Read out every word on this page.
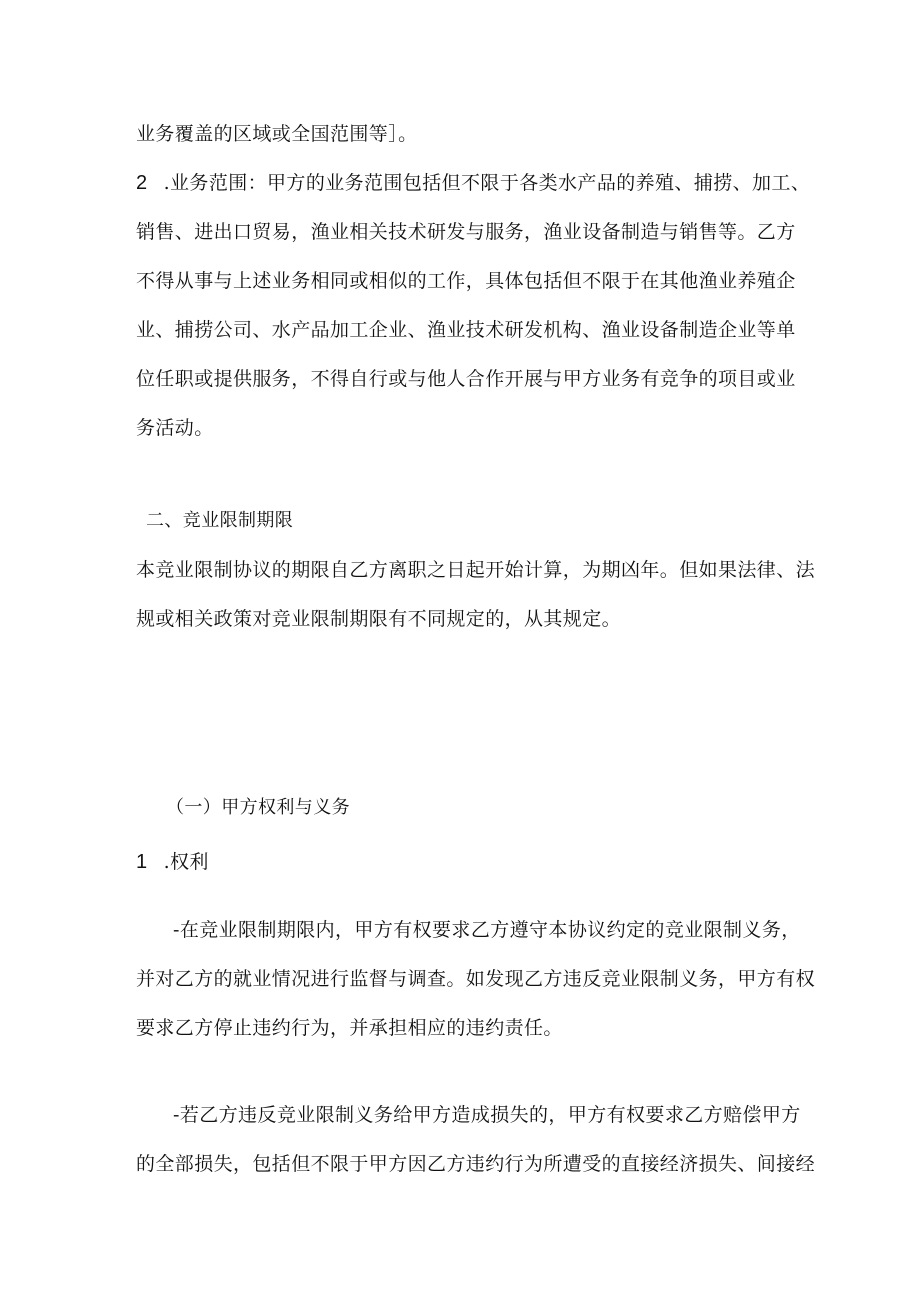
业务覆盖的区域或全国范围等］。
2 .业务范围：甲方的业务范围包括但不限于各类水产品的养殖、捕捞、加工、
销售、进出口贸易，渔业相关技术研发与服务，渔业设备制造与销售等。乙方
不得从事与上述业务相同或相似的工作，具体包括但不限于在其他渔业养殖企
业、捕捞公司、水产品加工企业、渔业技术研发机构、渔业设备制造企业等单
位任职或提供服务，不得自行或与他人合作开展与甲方业务有竞争的项目或业
务活动。
二、竞业限制期限
本竞业限制协议的期限自乙方离职之日起开始计算，为期凶年。但如果法律、法
规或相关政策对竞业限制期限有不同规定的，从其规定。
（一）甲方权利与义务
1 .权利
-在竞业限制期限内，甲方有权要求乙方遵守本协议约定的竞业限制义务，
并对乙方的就业情况进行监督与调查。如发现乙方违反竞业限制义务，甲方有权
要求乙方停止违约行为，并承担相应的违约责任。
-若乙方违反竞业限制义务给甲方造成损失的，甲方有权要求乙方赔偿甲方
的全部损失，包括但不限于甲方因乙方违约行为所遭受的直接经济损失、间接经
